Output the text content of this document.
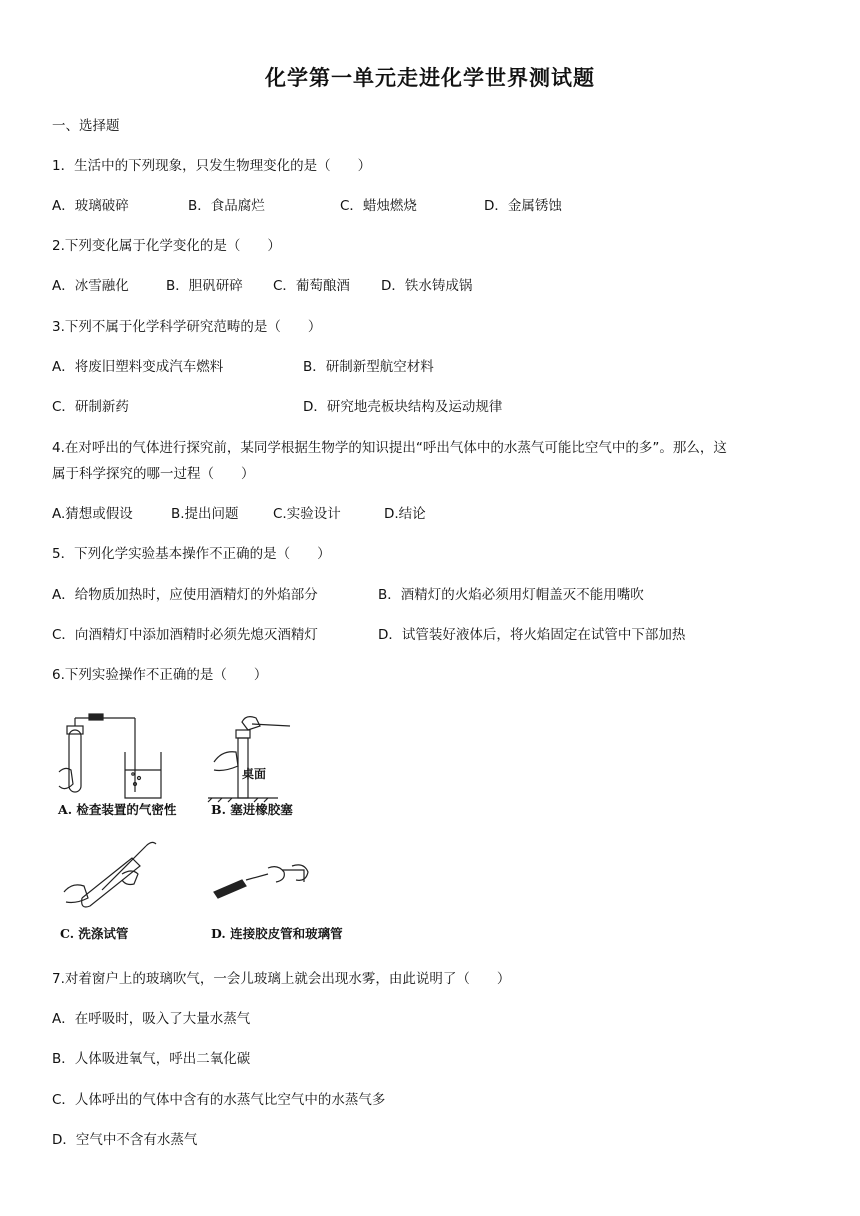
化学第一单元走进化学世界测试题
一、选择题
1．生活中的下列现象，只发生物理变化的是（　　）
A．玻璃破碎	B．食品腐烂	C．蜡烛燃烧	D．金属锈蚀
2.下列变化属于化学变化的是（　　）
A．冰雪融化	B．胆矾研碎 C．葡萄酿酒 D．铁水铸成锅
3.下列不属于化学科学研究范畴的是（　　）
A．将废旧塑料变成汽车燃料	B．研制新型航空材料
C．研制新药	D．研究地壳板块结构及运动规律
4.在对呼出的气体进行探究前，某同学根据生物学的知识提出“呼出气体中的水蒸气可能比空气中的多”。那么，这
属于科学探究的哪一过程（　　）
A.猜想或假设	B.提出问题	C.实验设计	D.结论
5．下列化学实验基本操作不正确的是（　　）
A．给物质加热时，应使用酒精灯的外焰部分	B．酒精灯的火焰必须用灯帽盖灭不能用嘴吹
C．向酒精灯中添加酒精时必须先熄灭酒精灯	D．试管装好液体后，将火焰固定在试管中下部加热
6.下列实验操作不正确的是（　　）
A. 检查装置的气密性
桌面
B. 塞进橡胶塞
C. 洗涤试管	D. 连接胶皮管和玻璃管
7.对着窗户上的玻璃吹气，一会儿玻璃上就会出现水雾，由此说明了（　　）
A．在呼吸时，吸入了大量水蒸气
B．人体吸进氧气，呼出二氧化碳
C．人体呼出的气体中含有的水蒸气比空气中的水蒸气多
D．空气中不含有水蒸气
